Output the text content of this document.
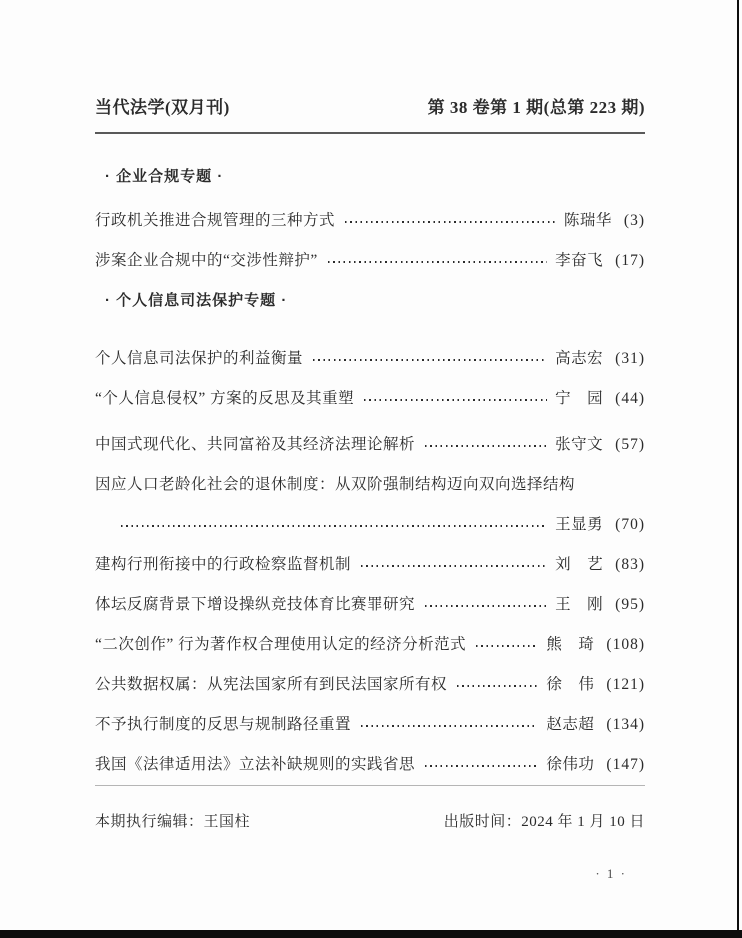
当代法学(双月刊)	第 38 卷第 1 期(总第 223 期)
· 企业合规专题 ·
行政机关推进合规管理的三种方式	陈瑞华 (3)
涉案企业合规中的“交涉性辩护”	李奋飞 (17)
· 个人信息司法保护专题 ·
个人信息司法保护的利益衡量	高志宏 (31)
“个人信息侵权” 方案的反思及其重塑	宁　园 (44)
中国式现代化、共同富裕及其经济法理论解析	张守文 (57)
因应人口老龄化社会的退休制度：从双阶强制结构迈向双向选择结构
王显勇 (70)
建构行刑衔接中的行政检察监督机制	刘　艺 (83)
体坛反腐背景下增设操纵竞技体育比赛罪研究	王　刚 (95)
“二次创作” 行为著作权合理使用认定的经济分析范式	熊　琦 (108)
公共数据权属：从宪法国家所有到民法国家所有权	徐　伟 (121)
不予执行制度的反思与规制路径重置	赵志超 (134)
我国《法律适用法》立法补缺规则的实践省思	徐伟功 (147)
本期执行编辑：王国柱	出版时间：2024 年 1 月 10 日
· 1 ·
